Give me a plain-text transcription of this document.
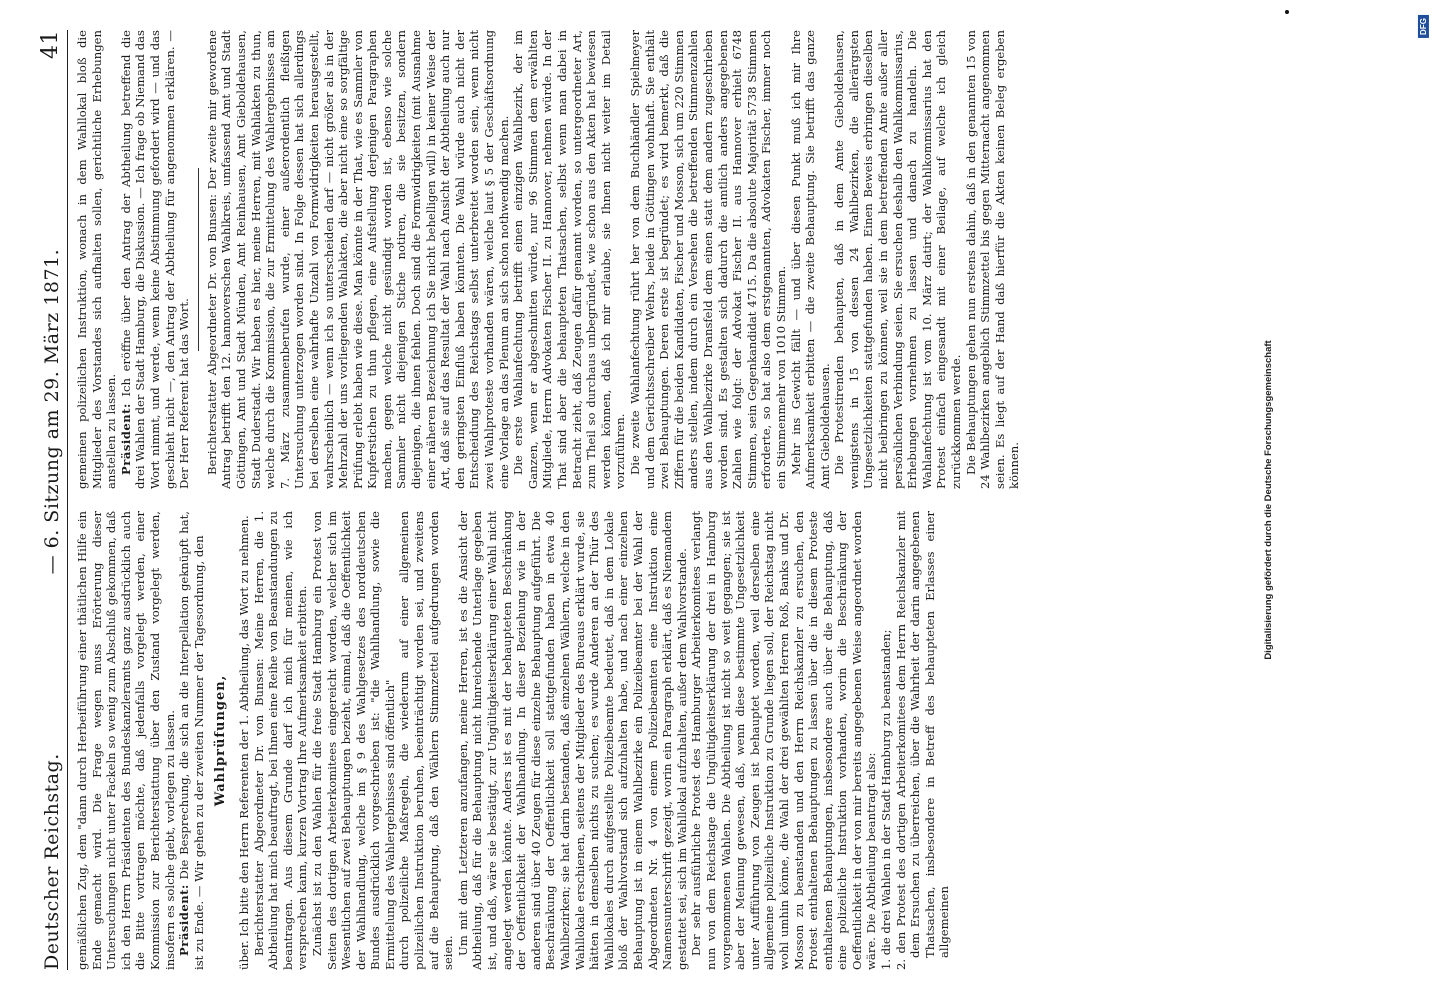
Deutscher Reichstag.
— 6. Sitzung am 29. März 1871.
41

gemäßlichen Zug, dem "dann durch Herbeiführung einer thätlichen Hilfe ein Ende gemacht wird. Die Frage wegen muss Erörterung dieser Untersuchungen nicht unter Fackeln so wenig zum Abschluß gekommen, daß ich den Herrn Präsidenten des Bundeskanzleramts ganz ausdrücklich auch die Bitte vortragen möchte, daß jedenfalls vorgelegt werden, einer Kommission zur Berichterstattung über den Zustand vorgelegt werden, insofern es solche giebt, vorlegen zu lassen. Präsident: Die Besprechung, die sich an die Interpellation geknüpft hat, ist zu Ende. — Wir gehen zu der zweiten Nummer der Tagesordnung, den Wahlprüfungen, über. Ich bitte den Herrn Referenten der 1. Abtheilung, das Wort zu nehmen. Berichterstatter Abgeordneter Dr. von Bunsen: Meine Herren, die 1. Abtheilung hat mich beauftragt, bei Ihnen eine Reihe von Beanstandungen zu beantragen. Aus diesem Grunde darf ich mich für meinen, wie ich versprechen kann, kurzen Vortrag Ihre Aufmerksamkeit erbitten. Zunächst ist zu den Wahlen für die freie Stadt Hamburg ein Protest von Seiten des dortigen Arbeiterkomitees eingereicht worden, welcher sich im Wesentlichen auf zwei Behauptungen bezieht, einmal, daß die Oeffentlichkeit der Wahlhandlung, welche im § 9 des Wahlgesetzes des norddeutschen Bundes ausdrücklich vorgeschrieben ist: "die Wahlhandlung, sowie die Ermittelung des Wahlergebnisses sind öffentlich" durch polizeiliche Maßregeln, die wiederum auf einer allgemeinen polizeilichen Instruktion beruhen, beeinträchtigt worden sei, und zweitens auf die Behauptung, daß den Wählern Stimmzettel aufgedrungen worden seien. Um mit dem Letzteren anzufangen, meine Herren, ist es die Ansicht der Abtheilung, daß für die Behauptung nicht hinreichende Unterlage gegeben ist, und daß, wäre sie bestätigt, zur Ungültigkeitserklärung einer Wahl nicht angelegt werden könnte. Anders ist es mit der behaupteten Beschränkung der Oeffentlichkeit der Wahlhandlung. In dieser Beziehung wie in der anderen sind über 40 Zeugen für diese einzelne Behauptung aufgeführt. Die Beschränkung der Oeffentlichkeit soll stattgefunden haben in etwa 40 Wahlbezirken; sie hat darin bestanden, daß einzelnen Wählern, welche in den Wahllokale erschienen, seitens der Mitglieder des Bureaus erklärt wurde, sie hätten in demselben nichts zu suchen; es wurde Anderen an der Thür des Wahllokales durch aufgestellte Polizeibeamte bedeutet, daß in dem Lokale bloß der Wahlvorstand sich aufzuhalten habe, und nach einer einzelnen Behauptung ist in einem Wahlbezirke ein Polizeibeamter bei der Wahl der Abgeordneten Nr. 4 von einem Polizeibeamten eine Instruktion eine Namensunterschrift gezeigt, worin ein Paragraph erklärt, daß es Niemandem gestattet sei, sich im Wahllokal aufzuhalten, außer dem Wahlvorstande. Der sehr ausführliche Protest des Hamburger Arbeiterkomitees verlangt nun von dem Reichstage die Ungültigkeitserklärung der drei in Hamburg vorgenommenen Wahlen. Die Abtheilung ist nicht so weit gegangen; sie ist aber der Meinung gewesen, daß, wenn diese bestimmte Ungesetzlichkeit unter Aufführung von Zeugen ist behauptet worden, weil derselben eine allgemeine polizeiliche Instruktion zu Grunde liegen soll, der Reichstag nicht wohl umhin könne, die Wahl der drei gewählten Herren Roß, Banks und Dr. Mosson zu beanstanden und den Herrn Reichskanzler zu ersuchen, den Protest enthaltenen Behauptungen zu lassen über die in diesem Proteste enthaltenen Behauptungen, insbesondere auch über die Behauptung, daß eine polizeiliche Instruktion vorhanden, worin die Beschränkung der Oeffentlichkeit in der von mir bereits angegebenen Weise angeordnet worden wäre. Die Abtheilung beantragt also: 1. die drei Wahlen in der Stadt Hamburg zu beanstanden; 2. den Protest des dortigen Arbeiterkomitees dem Herrn Reichskanzler mit dem Ersuchen zu überreichen, über die Wahrheit der darin angegebenen Thatsachen, insbesondere in Betreff des behaupteten Erlasses einer allgemeinen

gemeinen polizeilichen Instruktion, wonach in dem Wahllokal bloß die Mitglieder des Vorstandes sich aufhalten sollen, gerichtliche Erhebungen anstellen zu lassen. Präsident: Ich eröffne über den Antrag der Abtheilung betreffend die drei Wahlen der Stadt Hamburg, die Diskussion. — Ich frage ob Niemand das Wort nimmt, und werde, wenn keine Abstimmung gefordert wird — und das geschieht nicht —, den Antrag der Abtheilung für angenommen erklären. — Der Herr Referent hat das Wort. Berichterstatter Abgeordneter Dr. von Bunsen: Der zweite mir gewordene Antrag betrifft den 12. hannoverschen Wahlkreis, umfassend Amt und Stadt Göttingen, Amt und Stadt Münden, Amt Reinhausen, Amt Gieboldehausen, Stadt Duderstadt. Wir haben es hier, meine Herren, mit Wahlakten zu thun, welche durch die Kommission, die zur Ermittelung des Wahlergebnisses am 7. März zusammenberufen wurde, einer außerordentlich fleißigen Untersuchung unterzogen worden sind. In Folge dessen hat sich allerdings bei derselben eine wahrhafte Unzahl von Formwidrigkeiten herausgestellt, wahrscheinlich — wenn ich so unterscheiden darf — nicht größer als in der Mehrzahl der uns vorliegenden Wahlakten, die aber nicht eine so sorgfältige Prüfung erlebt haben wie diese. Man könnte in der That, wie es Sammler von Kupferstichen zu thun pflegen, eine Aufstellung derjenigen Paragraphen machen, gegen welche nicht gesündigt worden ist, ebenso wie solche Sammler nicht diejenigen Stiche notiren, die sie besitzen, sondern diejenigen, die ihnen fehlen. Doch sind die Formwidrigkeiten (mit Ausnahme einer näheren Bezeichnung ich Sie nicht behelligen will) in keiner Weise der Art, daß sie auf das Resultat der Wahl nach Ansicht der Abtheilung auch nur den geringsten Einfluß haben könnten. Die Wahl würde auch nicht der Entscheidung des Reichstags selbst unterbreitet worden sein, wenn nicht zwei Wahlproteste vorhanden wären, welche laut § 5 der Geschäftsordnung eine Vorlage an das Plenum an sich schon nothwendig machen. Die erste Wahlanfechtung betrifft einen einzigen Wahlbezirk, der im Ganzen, wenn er abgeschnitten würde, nur 96 Stimmen dem erwählten Mitgliede, Herrn Advokaten Fischer II. zu Hannover, nehmen würde. In der That sind aber die behaupteten Thatsachen, selbst wenn man dabei in Betracht zieht, daß Zeugen dafür genannt worden, so untergeordneter Art, zum Theil so durchaus unbegründet, wie schon aus den Akten hat bewiesen werden können, daß ich mir erlaube, sie Ihnen nicht weiter im Detail vorzuführen. Die zweite Wahlanfechtung rührt her von dem Buchhändler Spielmeyer und dem Gerichtsschreiber Wehrs, beide in Göttingen wohnhaft. Sie enthält zwei Behauptungen. Deren erste ist begründet; es wird bemerkt, daß die Ziffern für die beiden Kandidaten, Fischer und Mosson, sich um 220 Stimmen anders stellen, indem durch ein Versehen die betreffenden Stimmenzahlen aus den Wahlbezirke Dransfeld dem einen statt dem andern zugeschrieben worden sind. Es gestalten sich dadurch die amtlich anders angegebenen Zahlen wie folgt: der Advokat Fischer II. aus Hannover erhielt 6748 Stimmen, sein Gegenkandidat 4715. Da die absolute Majorität 5738 Stimmen erforderte, so hat also dem erstgenannten, Advokaten Fischer, immer noch ein Stimmenmehr von 1010 Stimmen. Mehr ins Gewicht fällt — und über diesen Punkt muß ich mir Ihre Aufmerksamkeit erbitten — die zweite Behauptung. Sie betrifft das ganze Amt Gieboldehausen. Die Protestirenden behaupten, daß in dem Amte Gieboldehausen, wenigstens in 15 von dessen 24 Wahlbezirken, die allerärgsten Ungesetzlichkeiten stattgefunden haben. Einen Beweis erbringen dieselben nicht beibringen zu können, weil sie in dem betreffenden Amte außer aller persönlichen Verbindung seien. Sie ersuchen deshalb den Wahlkommissarius, Erhebungen vornehmen zu lassen und danach zu handeln. Die Wahlanfechtung ist vom 10. März datirt; der Wahlkommissarius hat den Protest einfach eingesandt mit einer Beilage, auf welche ich gleich zurückkommen werde. Die Behauptungen gehen nun erstens dahin, daß in den genannten 15 von 24 Wahlbezirken angeblich Stimmzettel bis gegen Mitternacht angenommen seien. Es liegt auf der Hand daß hierfür die Akten keinen Beleg ergeben können.

DFG
Digitalisierung gefördert durch die Deutsche Forschungsgemeinschaft
